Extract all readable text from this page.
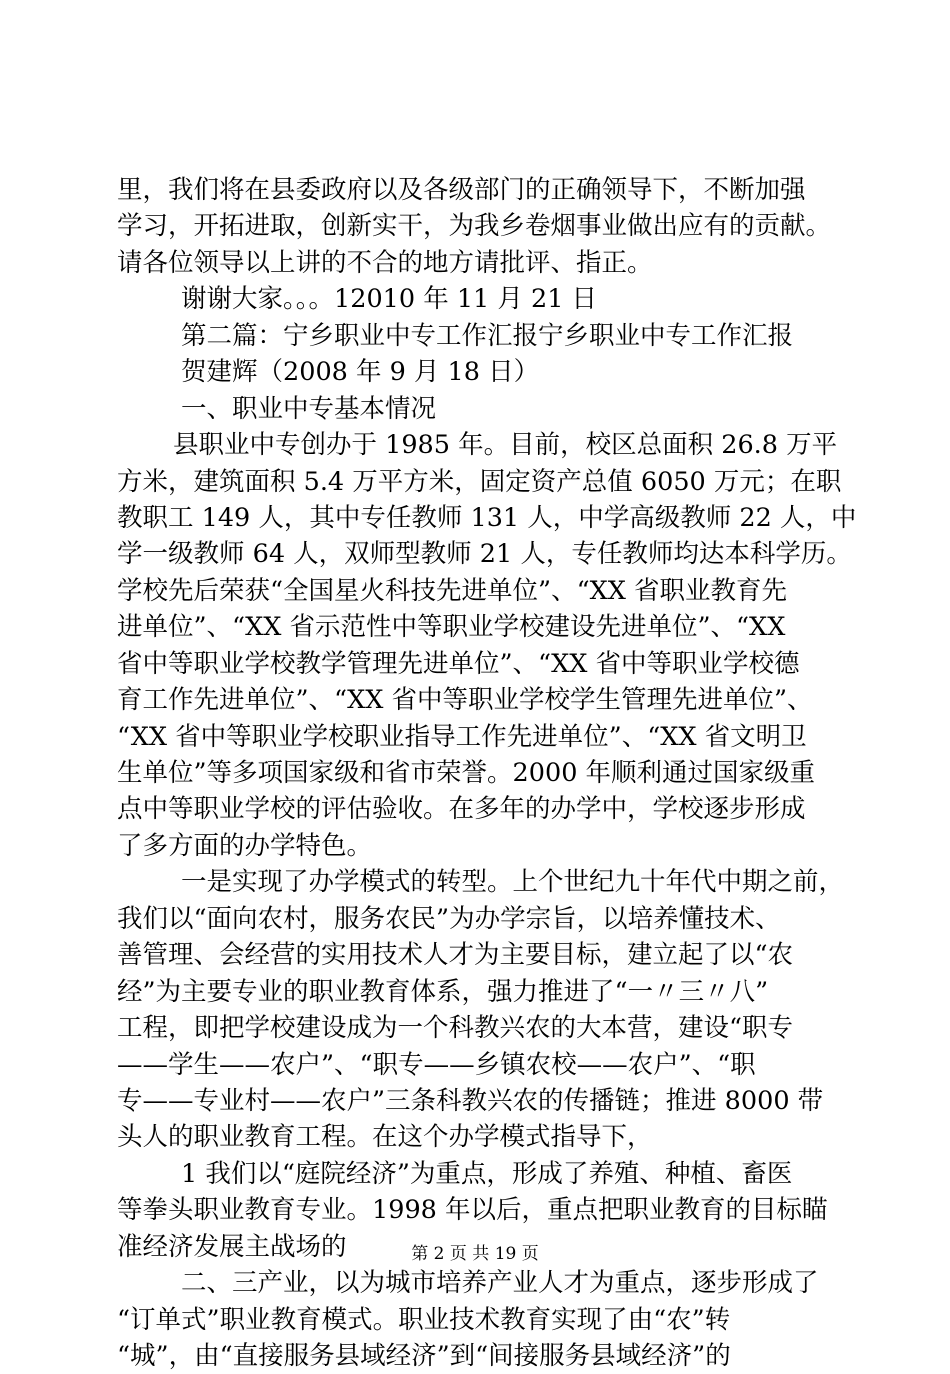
里，我们将在县委政府以及各级部门的正确领导下，不断加强
学习，开拓进取，创新实干，为我乡卷烟事业做出应有的贡献。
请各位领导以上讲的不合的地方请批评、指正。
谢谢大家。。。12010 年 11 月 21 日
第二篇：宁乡职业中专工作汇报宁乡职业中专工作汇报
贺建辉（2008 年 9 月 18 日）
一、职业中专基本情况
县职业中专创办于 1985 年。目前，校区总面积 26.8 万平
方米，建筑面积 5.4 万平方米，固定资产总值 6050 万元；在职
教职工 149 人，其中专任教师 131 人，中学高级教师 22 人，中
学一级教师 64 人，双师型教师 21 人，专任教师均达本科学历。
学校先后荣获“全国星火科技先进单位”、“XX 省职业教育先
进单位”、“XX 省示范性中等职业学校建设先进单位”、“XX
省中等职业学校教学管理先进单位”、“XX 省中等职业学校德
育工作先进单位”、“XX 省中等职业学校学生管理先进单位”、
“XX 省中等职业学校职业指导工作先进单位”、“XX 省文明卫
生单位”等多项国家级和省市荣誉。2000 年顺利通过国家级重
点中等职业学校的评估验收。在多年的办学中，学校逐步形成
了多方面的办学特色。
一是实现了办学模式的转型。上个世纪九十年代中期之前，
我们以“面向农村，服务农民”为办学宗旨，以培养懂技术、
善管理、会经营的实用技术人才为主要目标，建立起了以“农
经”为主要专业的职业教育体系，强力推进了“一〃三〃八”
工程，即把学校建设成为一个科教兴农的大本营，建设“职专
——学生——农户”、“职专——乡镇农校——农户”、“职
专——专业村——农户”三条科教兴农的传播链；推进 8000 带
头人的职业教育工程。在这个办学模式指导下，
1 我们以“庭院经济”为重点，形成了养殖、种植、畜医
等拳头职业教育专业。1998 年以后，重点把职业教育的目标瞄
准经济发展主战场的
二、三产业，以为城市培养产业人才为重点，逐步形成了
“订单式”职业教育模式。职业技术教育实现了由“农”转
“城”，由“直接服务县域经济”到“间接服务县域经济”的
第 2 页 共 19 页
